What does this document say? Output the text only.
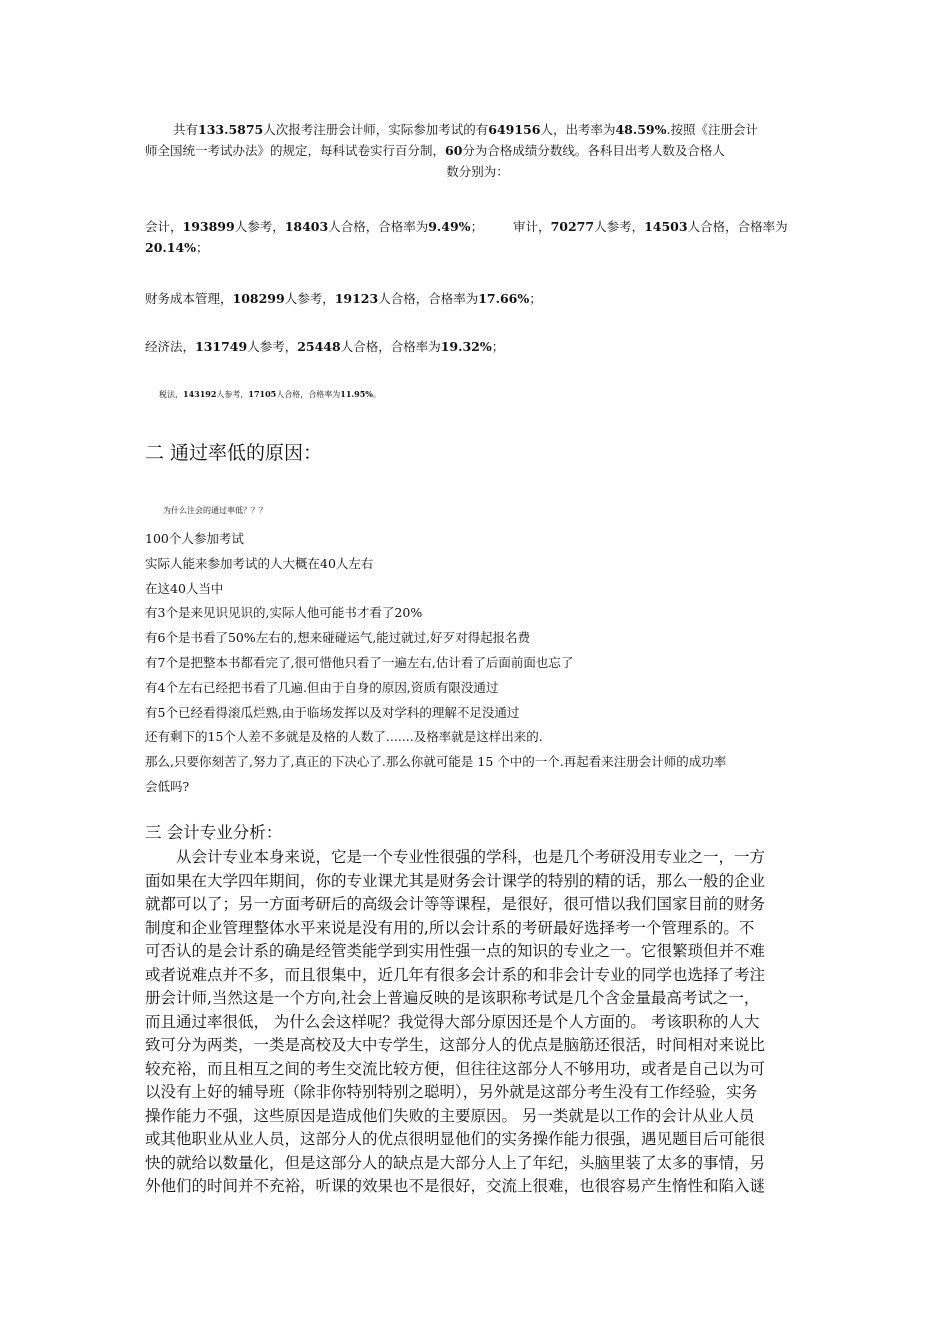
共有133.5875人次报考注册会计师，实际参加考试的有649156人，出考率为48.59%.按照《注册会计
师全国统一考试办法》的规定，每科试卷实行百分制，60分为合格成绩分数线。各科目出考人数及合格人
数分别为：
会计，193899人参考，18403人合格，合格率为9.49%； 审计，70277人参考，14503人合格，合格率为
20.14%；
财务成本管理，108299人参考，19123人合格，合格率为17.66%；
经济法，131749人参考，25448人合格，合格率为19.32%；
税法，143192人参考，17105人合格，合格率为11.95%。
二 通过率低的原因：
为什么注会的通过率低？？？
100个人参加考试
实际人能来参加考试的人大概在40人左右
在这40人当中
有3个是来见识见识的,实际人他可能书才看了20%
有6个是书看了50%左右的,想来碰碰运气,能过就过,好歹对得起报名费
有7个是把整本书都看完了,很可惜他只看了一遍左右,估计看了后面前面也忘了
有4个左右已经把书看了几遍.但由于自身的原因,资质有限没通过
有5个已经看得滚瓜烂熟,由于临场发挥以及对学科的理解不足没通过
还有剩下的15个人差不多就是及格的人数了.......及格率就是这样出来的.
那么,只要你刻苦了,努力了,真正的下决心了.那么你就可能是 15 个中的一个.再起看来注册会计师的成功率
会低吗?
三 会计专业分析：
从会计专业本身来说，它是一个专业性很强的学科，也是几个考研没用专业之一，一方
面如果在大学四年期间，你的专业课尤其是财务会计课学的特别的精的话，那么一般的企业
就都可以了；另一方面考研后的高级会计等等课程，是很好，很可惜以我们国家目前的财务
制度和企业管理整体水平来说是没有用的,所以会计系的考研最好选择考一个管理系的。不
可否认的是会计系的确是经管类能学到实用性强一点的知识的专业之一。它很繁琐但并不难
或者说难点并不多，而且很集中，近几年有很多会计系的和非会计专业的同学也选择了考注
册会计师,当然这是一个方向,社会上普遍反映的是该职称考试是几个含金量最高考试之一，
而且通过率很低， 为什么会这样呢？我觉得大部分原因还是个人方面的。 考该职称的人大
致可分为两类，一类是高校及大中专学生，这部分人的优点是脑筋还很活，时间相对来说比
较充裕，而且相互之间的考生交流比较方便，但往往这部分人不够用功，或者是自己以为可
以没有上好的辅导班（除非你特别特别之聪明），另外就是这部分考生没有工作经验，实务
操作能力不强，这些原因是造成他们失败的主要原因。 另一类就是以工作的会计从业人员
或其他职业从业人员，这部分人的优点很明显他们的实务操作能力很强，遇见题目后可能很
快的就给以数量化，但是这部分人的缺点是大部分人上了年纪，头脑里装了太多的事情，另
外他们的时间并不充裕，听课的效果也不是很好，交流上很难，也很容易产生惰性和陷入谜
